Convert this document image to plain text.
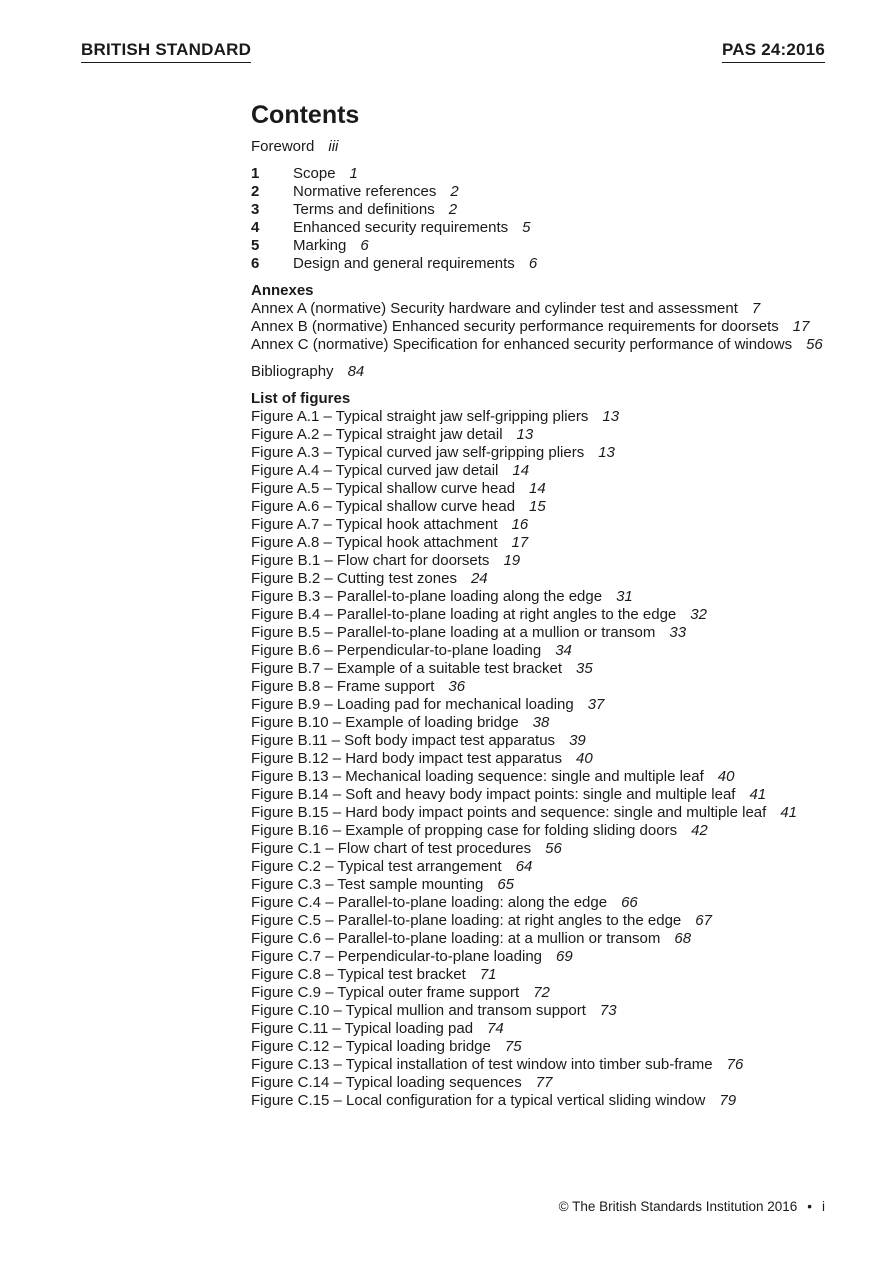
BRITISH STANDARD	PAS 24:2016
Contents
Foreword iii
1	Scope 1
2	Normative references 2
3	Terms and definitions 2
4	Enhanced security requirements 5
5	Marking 6
6	Design and general requirements 6
Annexes
Annex A (normative) Security hardware and cylinder test and assessment 7
Annex B (normative) Enhanced security performance requirements for doorsets 17
Annex C (normative) Specification for enhanced security performance of windows 56
Bibliography 84
List of figures
Figure A.1 – Typical straight jaw self-gripping pliers 13
Figure A.2 – Typical straight jaw detail 13
Figure A.3 – Typical curved jaw self-gripping pliers 13
Figure A.4 – Typical curved jaw detail 14
Figure A.5 – Typical shallow curve head 14
Figure A.6 – Typical shallow curve head 15
Figure A.7 – Typical hook attachment 16
Figure A.8 – Typical hook attachment 17
Figure B.1 – Flow chart for doorsets 19
Figure B.2 – Cutting test zones 24
Figure B.3 – Parallel-to-plane loading along the edge 31
Figure B.4 – Parallel-to-plane loading at right angles to the edge 32
Figure B.5 – Parallel-to-plane loading at a mullion or transom 33
Figure B.6 – Perpendicular-to-plane loading 34
Figure B.7 – Example of a suitable test bracket 35
Figure B.8 – Frame support 36
Figure B.9 – Loading pad for mechanical loading 37
Figure B.10 – Example of loading bridge 38
Figure B.11 – Soft body impact test apparatus 39
Figure B.12 – Hard body impact test apparatus 40
Figure B.13 – Mechanical loading sequence: single and multiple leaf 40
Figure B.14 – Soft and heavy body impact points: single and multiple leaf 41
Figure B.15 – Hard body impact points and sequence: single and multiple leaf 41
Figure B.16 – Example of propping case for folding sliding doors 42
Figure C.1 – Flow chart of test procedures 56
Figure C.2 – Typical test arrangement 64
Figure C.3 – Test sample mounting 65
Figure C.4 – Parallel-to-plane loading: along the edge 66
Figure C.5 – Parallel-to-plane loading: at right angles to the edge 67
Figure C.6 – Parallel-to-plane loading: at a mullion or transom 68
Figure C.7 – Perpendicular-to-plane loading 69
Figure C.8 – Typical test bracket 71
Figure C.9 – Typical outer frame support 72
Figure C.10 – Typical mullion and transom support 73
Figure C.11 – Typical loading pad 74
Figure C.12 – Typical loading bridge 75
Figure C.13 – Typical installation of test window into timber sub-frame 76
Figure C.14 – Typical loading sequences 77
Figure C.15 – Local configuration for a typical vertical sliding window 79
© The British Standards Institution 2016 • i
